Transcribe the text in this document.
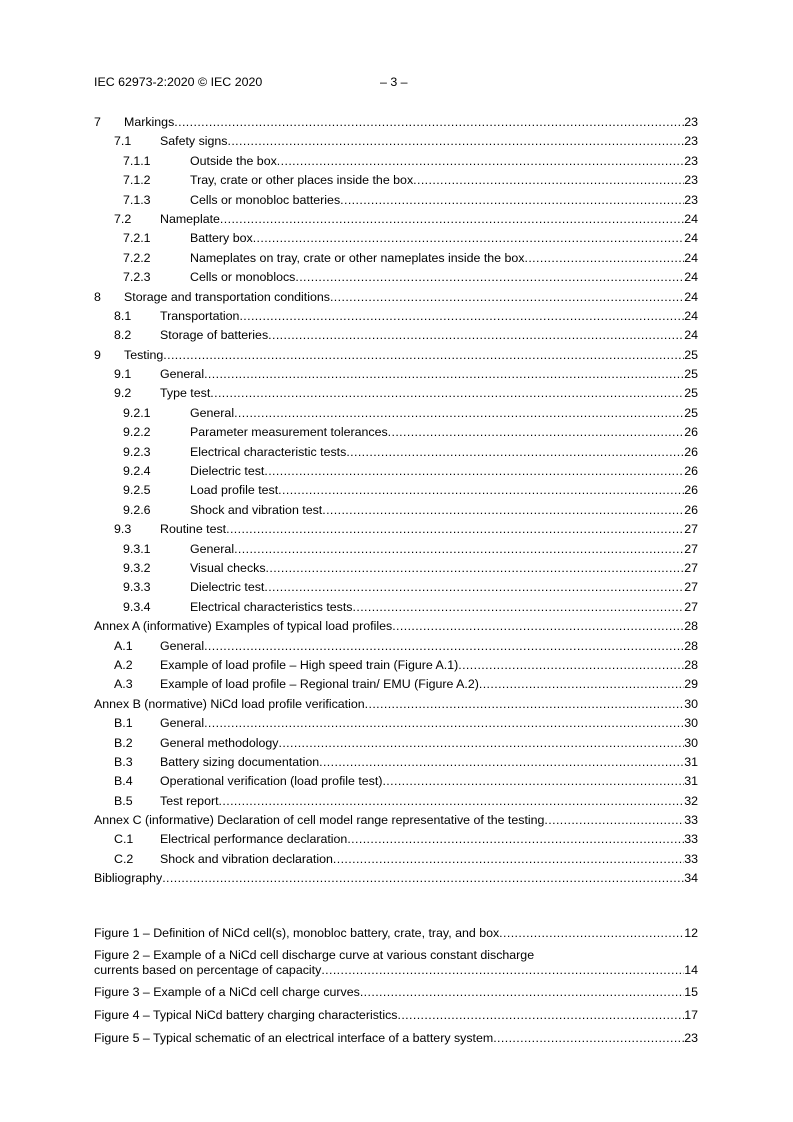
IEC 62973-2:2020 © IEC 2020	– 3 –
7	Markings .....	23
7.1	Safety signs .....	23
7.1.1	Outside the box .....	23
7.1.2	Tray, crate or other places inside the box .....	23
7.1.3	Cells or monobloc batteries .....	23
7.2	Nameplate .....	24
7.2.1	Battery box .....	24
7.2.2	Nameplates on tray, crate or other nameplates inside the box .....	24
7.2.3	Cells or monoblocs .....	24
8	Storage and transportation conditions .....	24
8.1	Transportation .....	24
8.2	Storage of batteries .....	24
9	Testing .....	25
9.1	General .....	25
9.2	Type test .....	25
9.2.1	General .....	25
9.2.2	Parameter measurement tolerances .....	26
9.2.3	Electrical characteristic tests .....	26
9.2.4	Dielectric test .....	26
9.2.5	Load profile test .....	26
9.2.6	Shock and vibration test .....	26
9.3	Routine test .....	27
9.3.1	General .....	27
9.3.2	Visual checks .....	27
9.3.3	Dielectric test .....	27
9.3.4	Electrical characteristics tests .....	27
Annex A (informative) Examples of typical load profiles .....	28
A.1	General .....	28
A.2	Example of load profile – High speed train (Figure A.1) .....	28
A.3	Example of load profile – Regional train/ EMU (Figure A.2) .....	29
Annex B (normative) NiCd load profile verification .....	30
B.1	General .....	30
B.2	General methodology .....	30
B.3	Battery sizing documentation .....	31
B.4	Operational verification (load profile test) .....	31
B.5	Test report .....	32
Annex C (informative) Declaration of cell model range representative of the testing .....	33
C.1	Electrical performance declaration .....	33
C.2	Shock and vibration declaration .....	33
Bibliography .....	34
Figure 1 – Definition of NiCd cell(s), monobloc battery, crate, tray, and box .....	12
Figure 2 – Example of a NiCd cell discharge curve at various constant discharge
currents based on percentage of capacity .....	14
Figure 3 – Example of a NiCd cell charge curves .....	15
Figure 4 – Typical NiCd battery charging characteristics .....	17
Figure 5 – Typical schematic of an electrical interface of a battery system .....	23
